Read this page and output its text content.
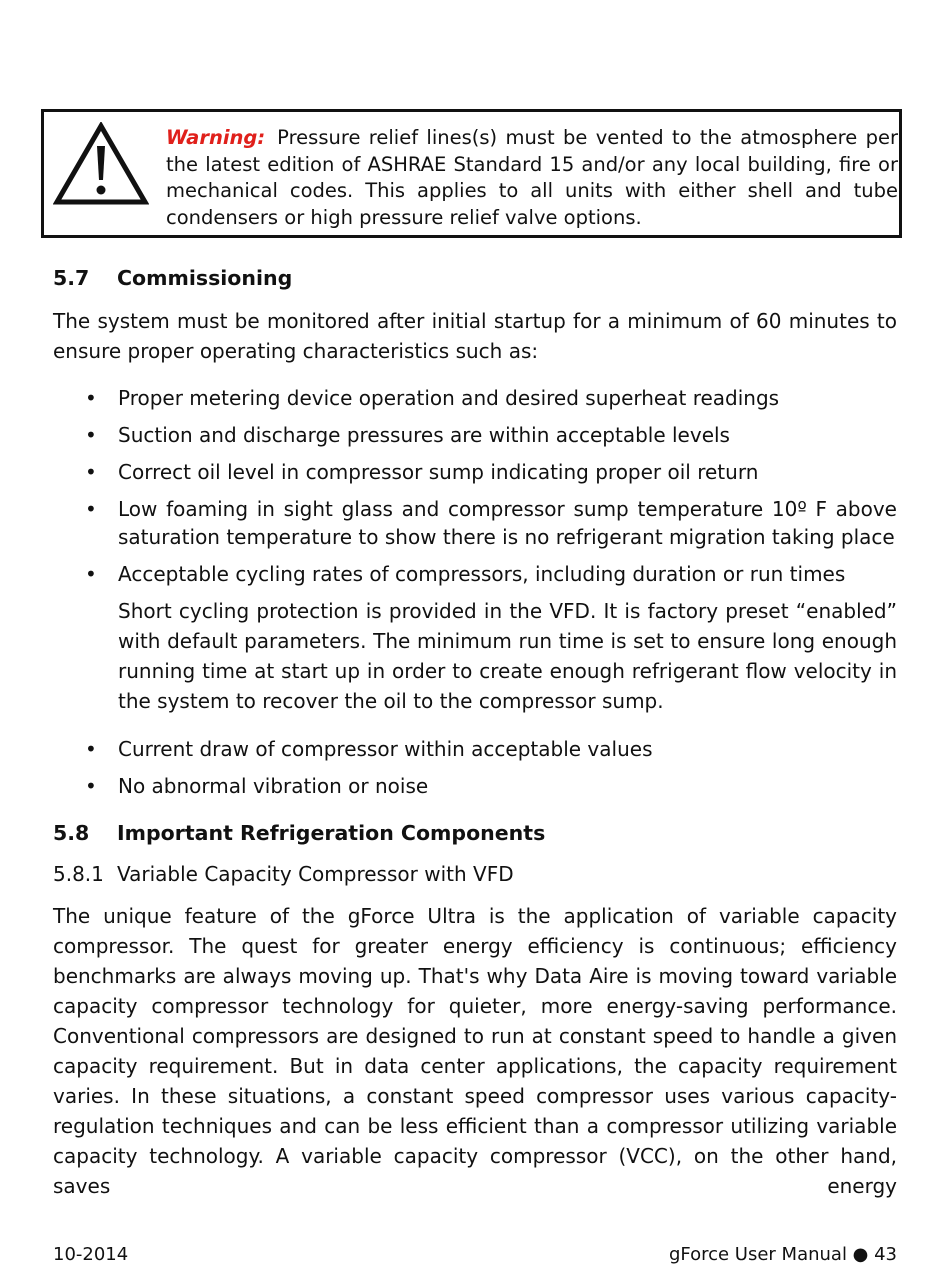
Warning: Pressure relief lines(s) must be vented to the atmosphere per the latest edition of ASHRAE Standard 15 and/or any local building, fire or mechanical codes. This applies to all units with either shell and tube condensers or high pressure relief valve options.
5.7 Commissioning

The system must be monitored after initial startup for a minimum of 60 minutes to ensure proper operating characteristics such as:

• Proper metering device operation and desired superheat readings
• Suction and discharge pressures are within acceptable levels
• Correct oil level in compressor sump indicating proper oil return
• Low foaming in sight glass and compressor sump temperature 10º F above saturation temperature to show there is no refrigerant migration taking place
• Acceptable cycling rates of compressors, including duration or run times

Short cycling protection is provided in the VFD. It is factory preset “enabled” with default parameters. The minimum run time is set to ensure long enough running time at start up in order to create enough refrigerant flow velocity in the system to recover the oil to the compressor sump.

• Current draw of compressor within acceptable values
• No abnormal vibration or noise
5.8 Important Refrigeration Components
5.8.1 Variable Capacity Compressor with VFD

The unique feature of the gForce Ultra is the application of variable capacity compressor. The quest for greater energy efficiency is continuous; efficiency benchmarks are always moving up. That's why Data Aire is moving toward variable capacity compressor technology for quieter, more energy-saving performance. Conventional compressors are designed to run at constant speed to handle a given capacity requirement. But in data center applications, the capacity requirement varies. In these situations, a constant speed compressor uses various capacity-regulation techniques and can be less efficient than a compressor utilizing variable capacity technology. A variable capacity compressor (VCC), on the other hand, saves energy

10-2014	gForce User Manual ● 43
